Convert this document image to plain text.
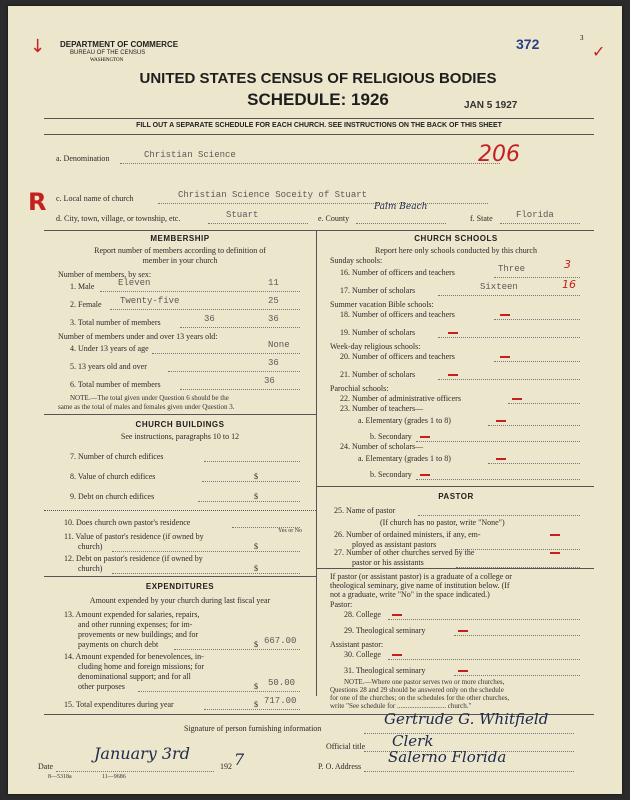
↓ DEPARTMENT OF COMMERCE
BUREAU OF THE CENSUS
WASHINGTON
372	3
✓
UNITED STATES CENSUS OF RELIGIOUS BODIES
SCHEDULE: 1926	JAN 5 1927
FILL OUT A SEPARATE SCHEDULE FOR EACH CHURCH. SEE INSTRUCTIONS ON THE BACK OF THIS SHEET
a. Denomination	Christian Science	206
R c. Local name of church	Christian Science Soceity of Stuart
d. City, town, village, or township, etc.	Stuart	e. County
Palm Beach
f. State	Florida
MEMBERSHIP
Report number of members according to definition of
member in your church
Number of members, by sex:
1. Male	Eleven	11
2. Female Twenty-five	25
3. Total number of members	36	36
Number of members under and over 13 years old:
4. Under 13 years of age	None
5. 13 years old and over	36
6. Total number of members	36
NOTE.—The total given under Question 6 should be the
same as the total of males and females given under Question 3.
CHURCH BUILDINGS
See instructions, paragraphs 10 to 12
7. Number of church edifices
8. Value of church edifices	$
9. Debt on church edifices	$
10. Does church own pastor's residence
Yes or No
11. Value of pastor's residence (if owned by
church)	$
12. Debt on pastor's residence (if owned by
church)	$
EXPENDITURES
Amount expended by your church during last fiscal year
13. Amount expended for salaries, repairs,
and other running expenses; for im-
provements or new buildings; and for
payments on church debt	$ 667.00
14. Amount expended for benevolences, in-
cluding home and foreign missions; for
denominational support; and for all
other purposes	$ 50.00
15. Total expenditures during year	$ 717.00
CHURCH SCHOOLS
Report here only schools conducted by this church
Sunday schools:
16. Number of officers and teachers	Three	3
17. Number of scholars	Sixteen	16
Summer vacation Bible schools:
18. Number of officers and teachers
19. Number of scholars
Week-day religious schools:
20. Number of officers and teachers
21. Number of scholars
Parochial schools:
22. Number of administrative officers
23. Number of teachers—
a. Elementary (grades 1 to 8)
b. Secondary
24. Number of scholars—
a. Elementary (grades 1 to 8)
b. Secondary
PASTOR
25. Name of pastor
(If church has no pastor, write "None")
26. Number of ordained ministers, if any, em-
ployed as assistant pastors
27. Number of other churches served by the
pastor or his assistants
If pastor (or assistant pastor) is a graduate of a college or
theological seminary, give name of institution below. (If
not a graduate, write "No" in the space indicated.)
Pastor:
28. College
29. Theological seminary
Assistant pastor:
30. College
31. Theological seminary
NOTE.—Where one pastor serves two or more churches,
Questions 28 and 29 should be answered only on the schedule
for one of the churches; on the schedules for the other churches,
write "See schedule for ............................ church."
Signature of person furnishing information
Gertrude G. Whitfield
Official title Clerk
P. O. Address
Salerno Florida
Date
January 3rd
192 7
8—5318a	11—9686
